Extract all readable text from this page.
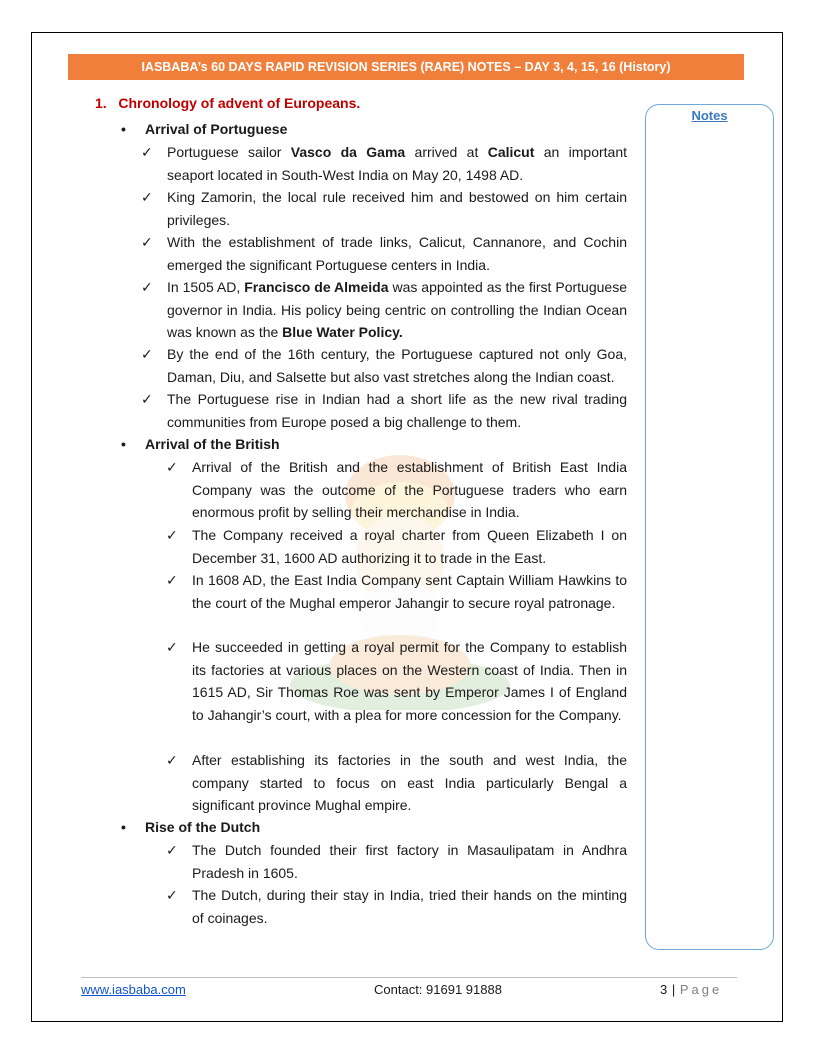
IASBABA’s 60 DAYS RAPID REVISION SERIES (RARE) NOTES – DAY 3, 4, 15, 16 (History)
Notes
1. Chronology of advent of Europeans.
• Arrival of Portuguese
✓ Portuguese sailor Vasco da Gama arrived at Calicut an important seaport located in South-West India on May 20, 1498 AD.
✓ King Zamorin, the local rule received him and bestowed on him certain privileges.
✓ With the establishment of trade links, Calicut, Cannanore, and Cochin emerged the significant Portuguese centers in India.
✓ In 1505 AD, Francisco de Almeida was appointed as the first Portuguese governor in India. His policy being centric on controlling the Indian Ocean was known as the Blue Water Policy.
✓ By the end of the 16th century, the Portuguese captured not only Goa, Daman, Diu, and Salsette but also vast stretches along the Indian coast.
✓ The Portuguese rise in Indian had a short life as the new rival trading communities from Europe posed a big challenge to them.
• Arrival of the British
✓ Arrival of the British and the establishment of British East India Company was the outcome of the Portuguese traders who earn enormous profit by selling their merchandise in India.
✓ The Company received a royal charter from Queen Elizabeth I on December 31, 1600 AD authorizing it to trade in the East.
✓ In 1608 AD, the East India Company sent Captain William Hawkins to the court of the Mughal emperor Jahangir to secure royal patronage.
✓ He succeeded in getting a royal permit for the Company to establish its factories at various places on the Western coast of India. Then in 1615 AD, Sir Thomas Roe was sent by Emperor James I of England to Jahangir’s court, with a plea for more concession for the Company.
✓ After establishing its factories in the south and west India, the company started to focus on east India particularly Bengal a significant province Mughal empire.
• Rise of the Dutch
✓ The Dutch founded their first factory in Masaulipatam in Andhra Pradesh in 1605.
✓ The Dutch, during their stay in India, tried their hands on the minting of coinages.
www.iasbaba.com	Contact: 91691 91888	3 | Page
